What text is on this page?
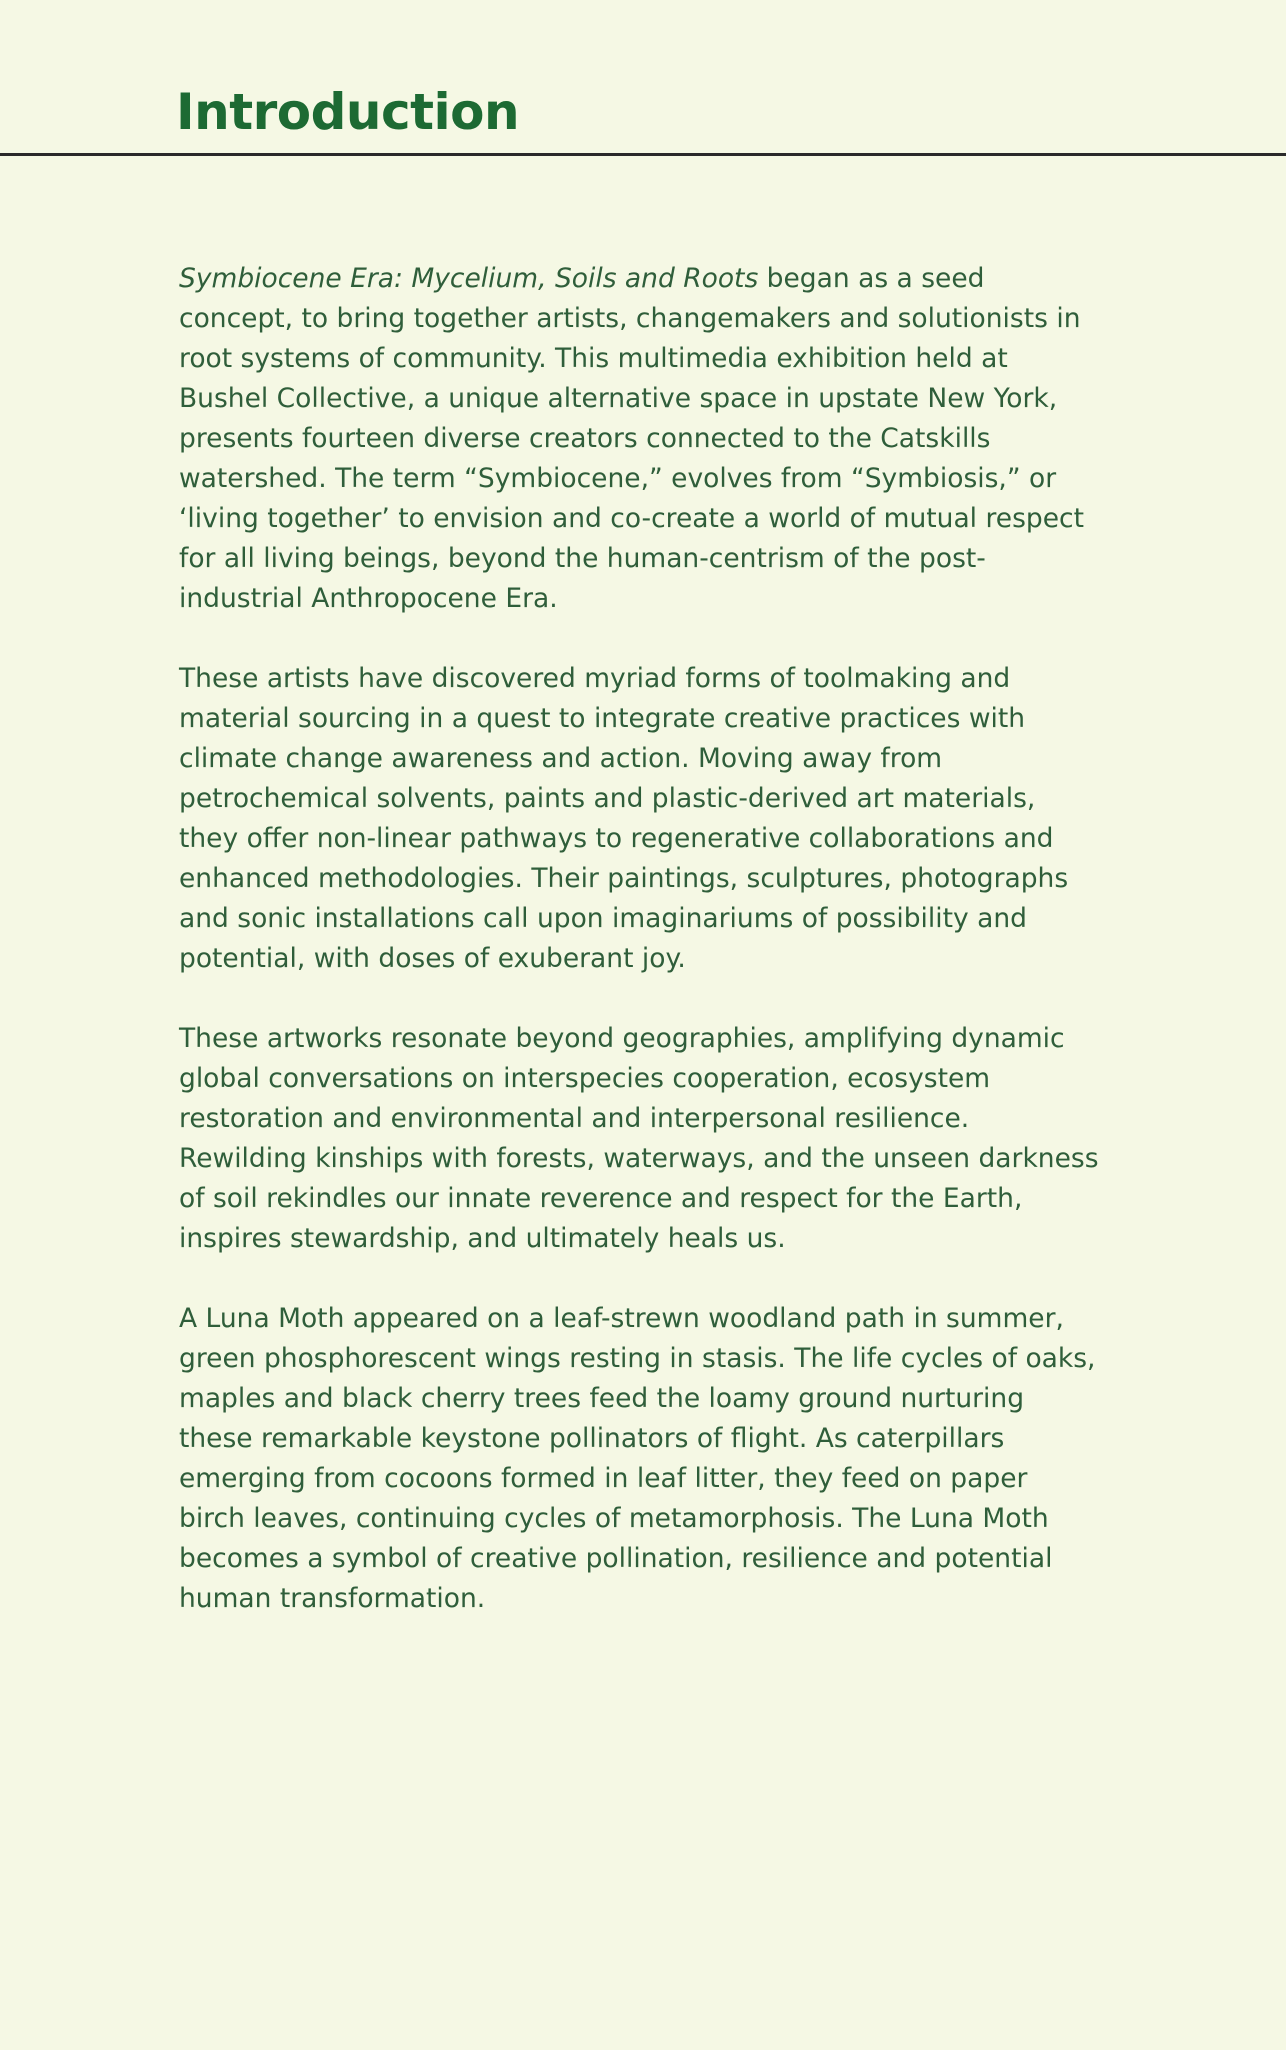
Introduction

Symbiocene Era: Mycelium, Soils and Roots began as a seed concept, to bring together artists, changemakers and solutionists in root systems of community. This multimedia exhibition held at Bushel Collective, a unique alternative space in upstate New York, presents fourteen diverse creators connected to the Catskills watershed. The term “Symbiocene,” evolves from “Symbiosis,” or ‘living together’ to envision and co-create a world of mutual respect for all living beings, beyond the human-centrism of the post-industrial Anthropocene Era.

These artists have discovered myriad forms of toolmaking and material sourcing in a quest to integrate creative practices with climate change awareness and action. Moving away from petrochemical solvents, paints and plastic-derived art materials, they offer non-linear pathways to regenerative collaborations and enhanced methodologies. Their paintings, sculptures, photographs and sonic installations call upon imaginariums of possibility and potential, with doses of exuberant joy.

These artworks resonate beyond geographies, amplifying dynamic global conversations on interspecies cooperation, ecosystem restoration and environmental and interpersonal resilience. Rewilding kinships with forests, waterways, and the unseen darkness of soil rekindles our innate reverence and respect for the Earth, inspires stewardship, and ultimately heals us.

A Luna Moth appeared on a leaf-strewn woodland path in summer, green phosphorescent wings resting in stasis. The life cycles of oaks, maples and black cherry trees feed the loamy ground nurturing these remarkable keystone pollinators of flight. As caterpillars emerging from cocoons formed in leaf litter, they feed on paper birch leaves, continuing cycles of metamorphosis. The Luna Moth becomes a symbol of creative pollination, resilience and potential human transformation.
